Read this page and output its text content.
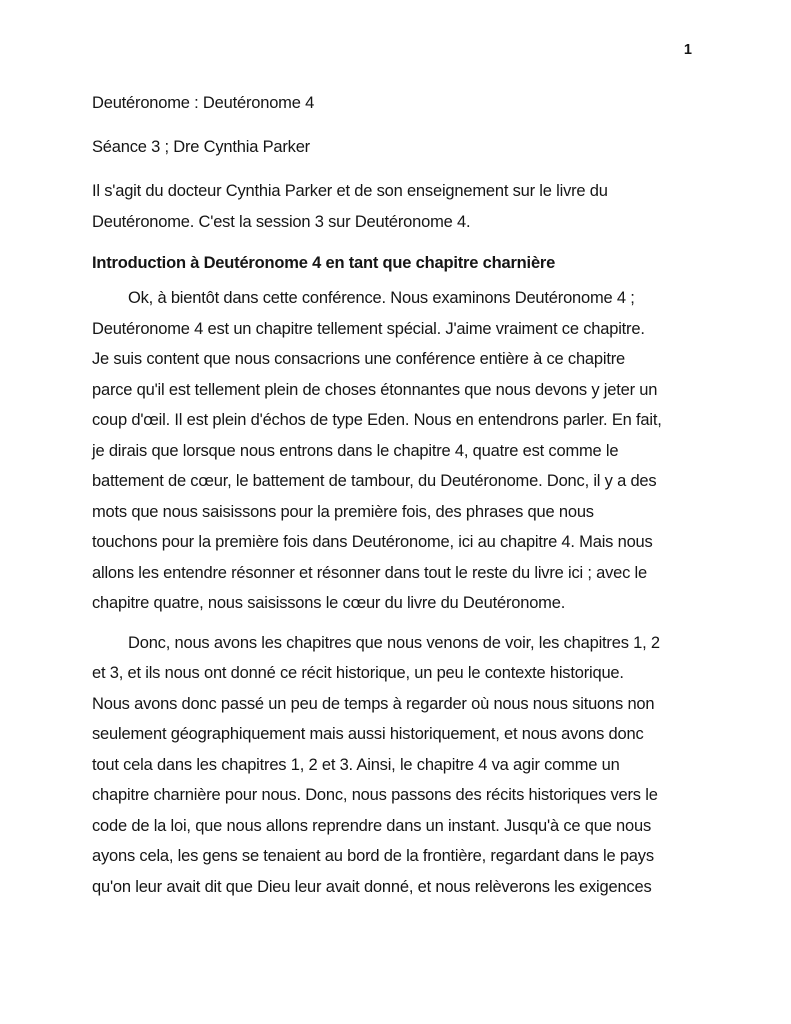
1

Deutéronome : Deutéronome 4

Séance 3 ; Dre Cynthia Parker

Il s'agit du docteur Cynthia Parker et de son enseignement sur le livre du
Deutéronome. C'est la session 3 sur Deutéronome 4.
Introduction à Deutéronome 4 en tant que chapitre charnière
Ok, à bientôt dans cette conférence. Nous examinons Deutéronome 4 ;
Deutéronome 4 est un chapitre tellement spécial. J'aime vraiment ce chapitre.
Je suis content que nous consacrions une conférence entière à ce chapitre
parce qu'il est tellement plein de choses étonnantes que nous devons y jeter un
coup d'œil. Il est plein d'échos de type Eden. Nous en entendrons parler. En fait,
je dirais que lorsque nous entrons dans le chapitre 4, quatre est comme le
battement de cœur, le battement de tambour, du Deutéronome. Donc, il y a des
mots que nous saisissons pour la première fois, des phrases que nous
touchons pour la première fois dans Deutéronome, ici au chapitre 4. Mais nous
allons les entendre résonner et résonner dans tout le reste du livre ici ; avec le
chapitre quatre, nous saisissons le cœur du livre du Deutéronome.
Donc, nous avons les chapitres que nous venons de voir, les chapitres 1, 2
et 3, et ils nous ont donné ce récit historique, un peu le contexte historique.
Nous avons donc passé un peu de temps à regarder où nous nous situons non
seulement géographiquement mais aussi historiquement, et nous avons donc
tout cela dans les chapitres 1, 2 et 3. Ainsi, le chapitre 4 va agir comme un
chapitre charnière pour nous. Donc, nous passons des récits historiques vers le
code de la loi, que nous allons reprendre dans un instant. Jusqu'à ce que nous
ayons cela, les gens se tenaient au bord de la frontière, regardant dans le pays
qu'on leur avait dit que Dieu leur avait donné, et nous relèverons les exigences
